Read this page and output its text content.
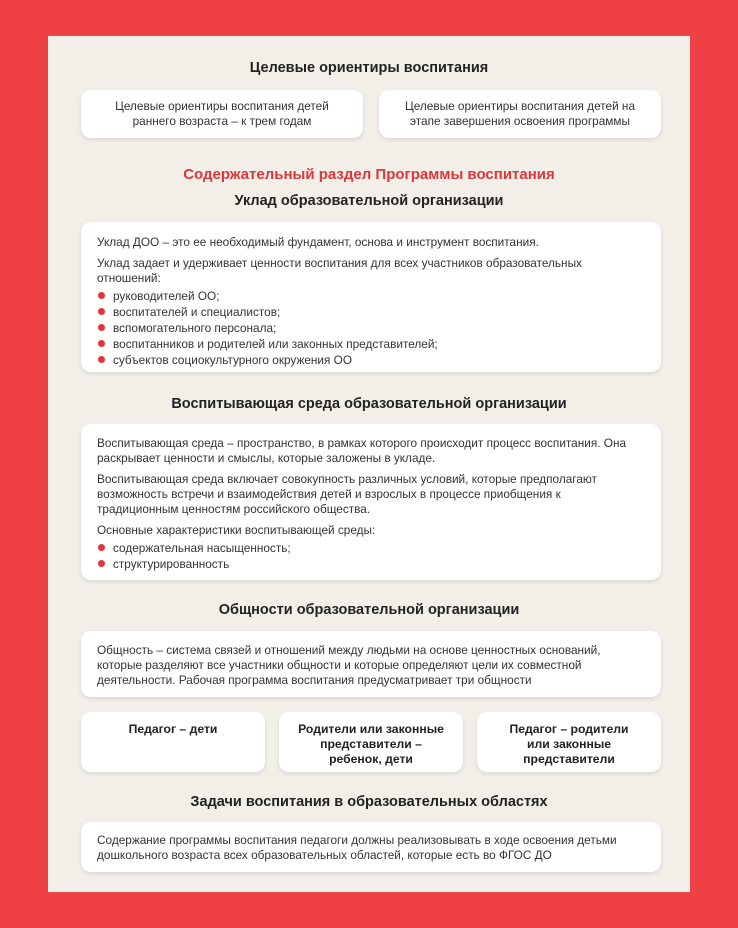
Целевые ориентиры воспитания
Целевые ориентиры воспитания детей раннего возраста – к трем годам
Целевые ориентиры воспитания детей на этапе завершения освоения программы
Содержательный раздел Программы воспитания
Уклад образовательной организации

Уклад ДОО – это ее необходимый фундамент, основа и инструмент воспитания.

Уклад задает и удерживает ценности воспитания для всех участников образовательных отношений:

руководителей ОО;
воспитателей и специалистов;
вспомогательного персонала;
воспитанников и родителей или законных представителей;
субъектов социокультурного окружения ОО
Воспитывающая среда образовательной организации

Воспитывающая среда – пространство, в рамках которого происходит процесс воспитания. Она раскрывает ценности и смыслы, которые заложены в укладе.

Воспитывающая среда включает совокупность различных условий, которые предполагают возможность встречи и взаимодействия детей и взрослых в процессе приобщения к традиционным ценностям российского общества.

Основные характеристики воспитывающей среды:

содержательная насыщенность;
структурированность
Общности образовательной организации

Общность – система связей и отношений между людьми на основе ценностных оснований, которые разделяют все участники общности и которые определяют цели их совместной деятельности. Рабочая программа воспитания предусматривает три общности

Педагог – дети	Родители или законные представители – ребенок, дети
Педагог – родители или законные представители
Задачи воспитания в образовательных областях

Содержание программы воспитания педагоги должны реализовывать в ходе освоения детьми дошкольного возраста всех образовательных областей, которые есть во ФГОС ДО
